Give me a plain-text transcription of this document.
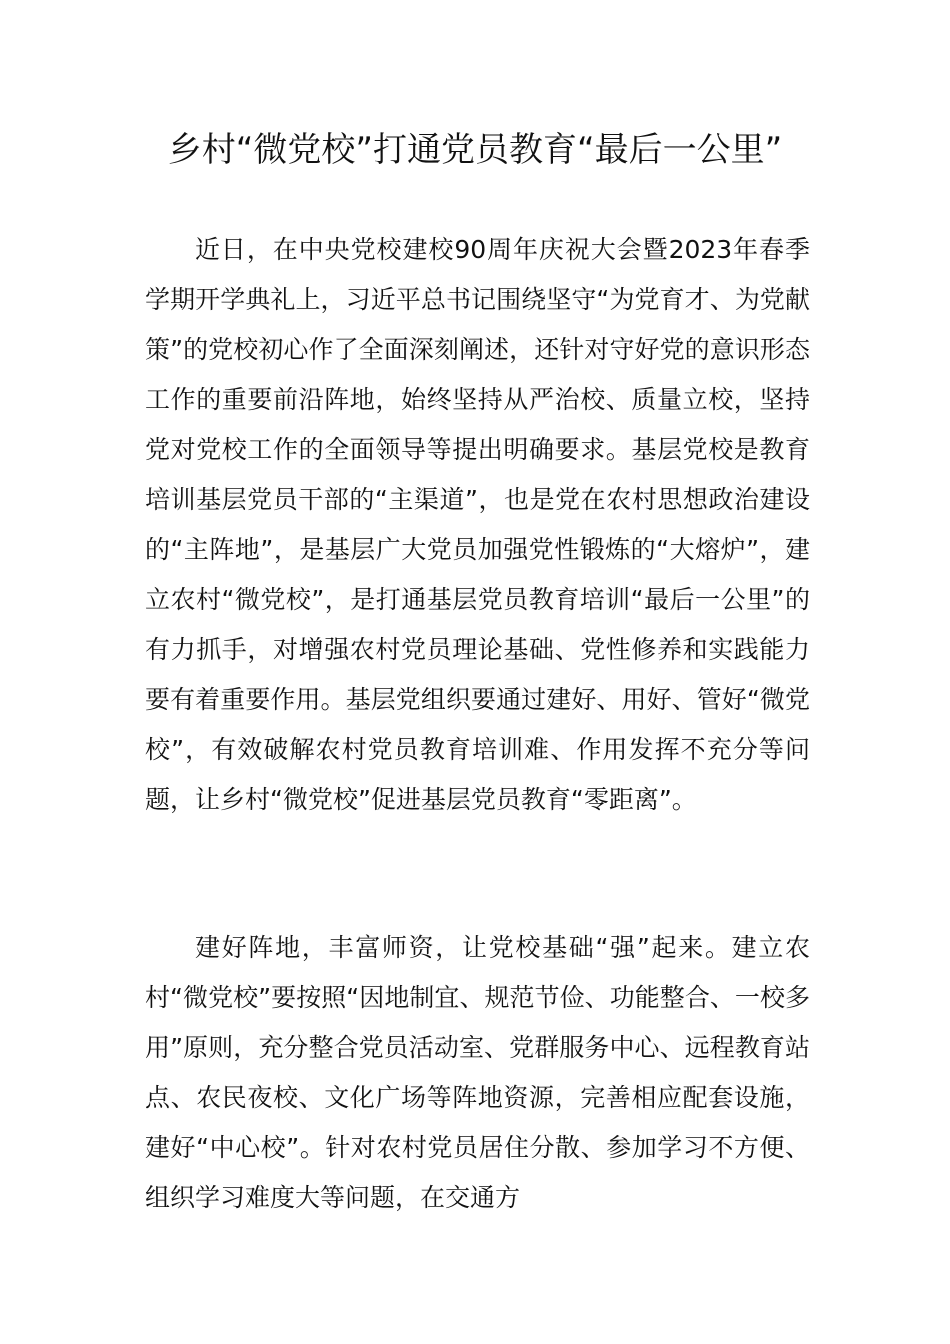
乡村“微党校”打通党员教育“最后一公里”

近日，在中央党校建校90周年庆祝大会暨2023年春季学期开学典礼上，习近平总书记围绕坚守“为党育才、为党献策”的党校初心作了全面深刻阐述，还针对守好党的意识形态工作的重要前沿阵地，始终坚持从严治校、质量立校，坚持党对党校工作的全面领导等提出明确要求。基层党校是教育培训基层党员干部的“主渠道”，也是党在农村思想政治建设的“主阵地”，是基层广大党员加强党性锻炼的“大熔炉”，建立农村“微党校”，是打通基层党员教育培训“最后一公里”的有力抓手，对增强农村党员理论基础、党性修养和实践能力要有着重要作用。基层党组织要通过建好、用好、管好“微党校”，有效破解农村党员教育培训难、作用发挥不充分等问题，让乡村“微党校”促进基层党员教育“零距离”。

建好阵地，丰富师资，让党校基础“强”起来。建立农村“微党校”要按照“因地制宜、规范节俭、功能整合、一校多用”原则，充分整合党员活动室、党群服务中心、远程教育站点、农民夜校、文化广场等阵地资源，完善相应配套设施，建好“中心校”。针对农村党员居住分散、参加学习不方便、组织学习难度大等问题，在交通方
